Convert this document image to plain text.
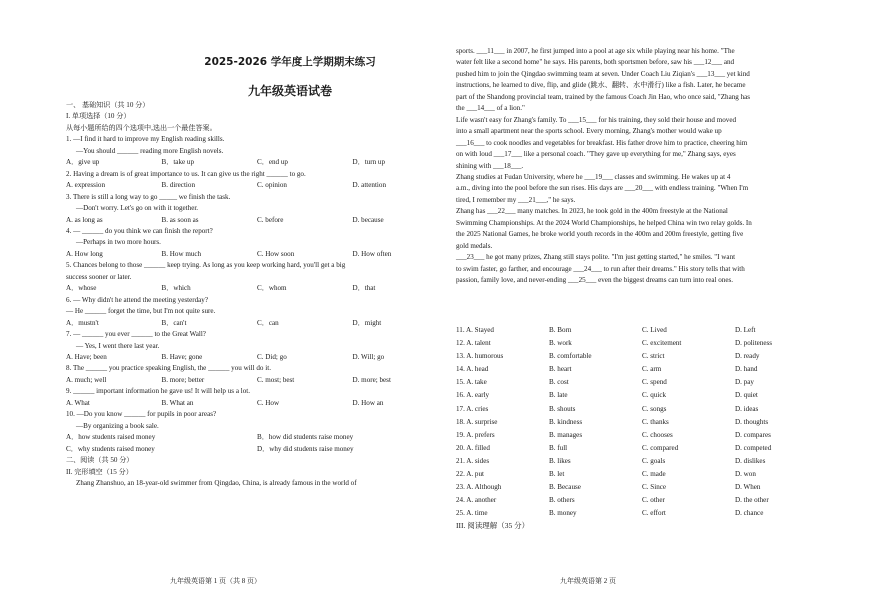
2025-2026 学年度上学期期末练习
九年级英语试卷
一、 基础知识（共 10 分）
I. 单项选择（10 分）
从每小题所给的四个选项中,选出一个最佳答案。
1. —I find it hard to improve my English reading skills.
—You should ______ reading more English novels.
A．give up	B．take up	C．end up	D．turn up
2. Having a dream is of great importance to us. It can give us the right ______ to go.
A. expression	B. direction	C. opinion	D. attention
3. There is still a long way to go _____ we finish the task.
—Don't worry. Let's go on with it together.
A. as long as	B. as soon as	C. before	D. because
4. — ______ do you think we can finish the report?
—Perhaps in two more hours.
A. How long	B. How much	C. How soon	D. How often
5. Chances belong to those ______ keep trying. As long as you keep working hard, you'll get a big
success sooner or later.
A．whose	B．which	C．whom	D．that
6. — Why didn't he attend the meeting yesterday?
— He ______ forget the time, but I'm not quite sure.
A．mustn't	B．can't	C．can	D．might
7. — ______ you ever ______ to the Great Wall?
— Yes, I went there last year.
A. Have; been	B. Have; gone	C. Did; go	D. Will; go
8. The ______ you practice speaking English, the ______ you will do it.
A. much; well	B. more; better	C. most; best	D. more; best
9. ______ important information he gave us! It will help us a lot.
A. What	B. What an	C. How	D. How an
10. —Do you know ______ for pupils in poor areas?
—By organizing a book sale.
A．how students raised money	B．how did students raise money
C．why students raised money	D．why did students raise money
二、阅读（共 50 分）
II. 完形填空（15 分）
Zhang Zhanshuo, an 18-year-old swimmer from Qingdao, China, is already famous in the world of
sports. ___11___ in 2007, he first jumped into a pool at age six while playing near his home. "The
water felt like a second home" he says. His parents, both sportsmen before, saw his ___12___ and
pushed him to join the Qingdao swimming team at seven. Under Coach Liu Ziqian's ___13___ yet kind
instructions, he learned to dive, flip, and glide (跳水、翻转、水中滑行) like a fish. Later, he became
part of the Shandong provincial team, trained by the famous Coach Jin Hao, who once said, "Zhang has
the ___14___ of a lion."
Life wasn't easy for Zhang's family. To ___15___ for his training, they sold their house and moved
into a small apartment near the sports school. Every morning, Zhang's mother would wake up
___16___ to cook noodles and vegetables for breakfast. His father drove him to practice, cheering him
on with loud ___17___ like a personal coach. "They gave up everything for me," Zhang says, eyes
shining with ___18___.
Zhang studies at Fudan University, where he ___19___ classes and swimming. He wakes up at 4
a.m., diving into the pool before the sun rises. His days are ___20___ with endless training. "When I'm
tired, I remember my ___21___," he says.
Zhang has ___22___ many matches. In 2023, he took gold in the 400m freestyle at the National
Swimming Championships. At the 2024 World Championships, he helped China win two relay golds. In
the 2025 National Games, he broke world youth records in the 400m and 200m freestyle, getting five
gold medals.
___23___ he got many prizes, Zhang still stays polite. "I'm just getting started," he smiles. "I want
to swim faster, go farther, and encourage ___24___ to run after their dreams." His story tells that with
passion, family love, and never-ending ___25___ even the biggest dreams can turn into real ones.
11. A. Stayed	B. Born	C. Lived	D. Left
12. A. talent	B. work	C. excitement	D. politeness
13. A. humorous	B. comfortable	C. strict	D. ready
14. A. head	B. heart	C. arm	D. hand
15. A. take	B. cost	C. spend	D. pay
16. A. early	B. late	C. quick	D. quiet
17. A. cries	B. shouts	C. songs	D. ideas
18. A. surprise	B. kindness	C. thanks	D. thoughts
19. A. prefers	B. manages	C. chooses	D. compares
20. A. filled	B. full	C. compared	D. competed
21. A. sides	B. likes	C. goals	D. dislikes
22. A. put	B. let	C. made	D. won
23. A. Although	B. Because	C. Since	D. When
24. A. another	B. others	C. other	D. the other
25. A. time	B. money	C. effort	D. chance
III. 阅读理解（35 分）
九年级英语第 1 页（共 8 页）	九年级英语第 2 页
